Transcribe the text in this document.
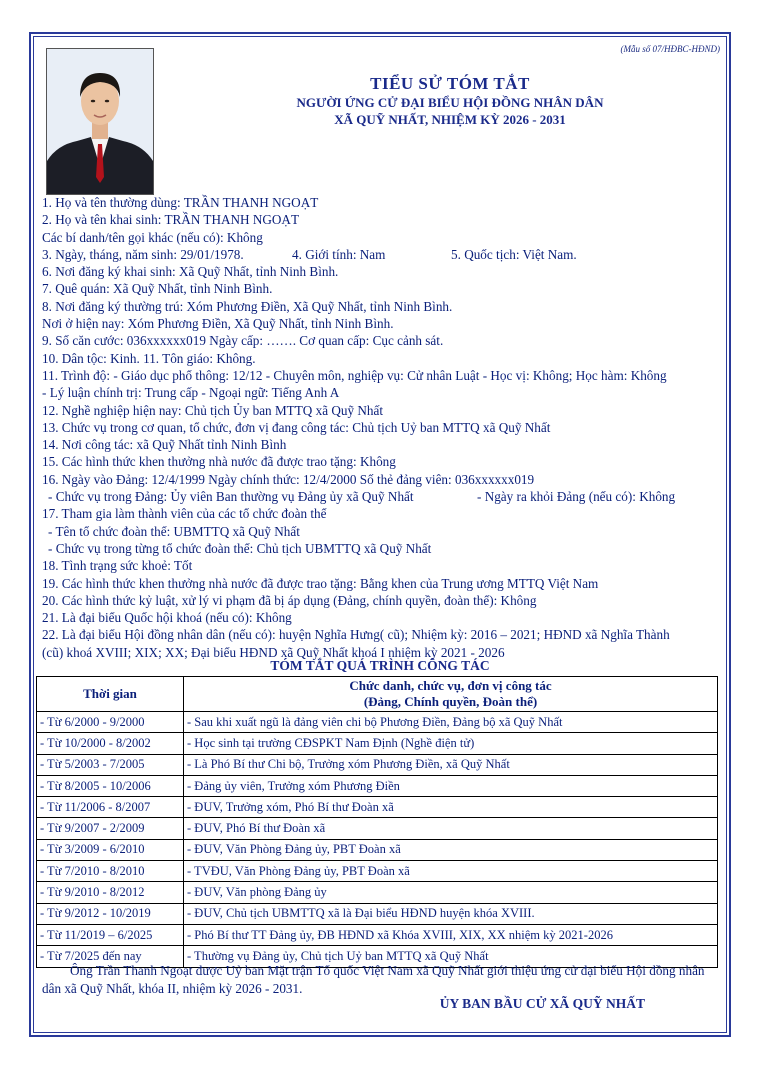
(Mẫu số 07/HĐBC-HĐND)
TIỂU SỬ TÓM TẮT
NGƯỜI ỨNG CỬ ĐẠI BIỂU HỘI ĐỒNG NHÂN DÂN
XÃ QUỸ NHẤT, NHIỆM KỲ 2026 - 2031
1. Họ và tên thường dùng: TRẦN THANH NGOẠT
2. Họ và tên khai sinh: TRẦN THANH NGOẠT
Các bí danh/tên gọi khác (nếu có): Không
3. Ngày, tháng, năm sinh: 29/01/1978.	4. Giới tính: Nam	5. Quốc tịch: Việt Nam.
6. Nơi đăng ký khai sinh: Xã Quỹ Nhất, tỉnh Ninh Bình.
7. Quê quán: Xã Quỹ Nhất, tỉnh Ninh Bình.
8. Nơi đăng ký thường trú: Xóm Phương Điền, Xã Quỹ Nhất, tỉnh Ninh Bình.
Nơi ở hiện nay: Xóm Phương Điền, Xã Quỹ Nhất, tỉnh Ninh Bình.
9. Số căn cước: 036xxxxxx019 Ngày cấp: ……. Cơ quan cấp: Cục cảnh sát.
10. Dân tộc: Kinh. 11. Tôn giáo: Không.
11. Trình độ: - Giáo dục phổ thông: 12/12 - Chuyên môn, nghiệp vụ: Cử nhân Luật - Học vị: Không; Học hàm: Không
- Lý luận chính trị: Trung cấp - Ngoại ngữ: Tiếng Anh A
12. Nghề nghiệp hiện nay: Chủ tịch Ủy ban MTTQ xã Quỹ Nhất
13. Chức vụ trong cơ quan, tổ chức, đơn vị đang công tác: Chủ tịch Uỷ ban MTTQ xã Quỹ Nhất
14. Nơi công tác: xã Quỹ Nhất tỉnh Ninh Bình
15. Các hình thức khen thưởng nhà nước đã được trao tặng: Không
16. Ngày vào Đảng: 12/4/1999 Ngày chính thức: 12/4/2000 Số thẻ đảng viên: 036xxxxxx019
- Chức vụ trong Đảng: Ủy viên Ban thường vụ Đảng ủy xã Quỹ Nhất	- Ngày ra khỏi Đảng (nếu có): Không
17. Tham gia làm thành viên của các tổ chức đoàn thể
- Tên tổ chức đoàn thể: UBMTTQ xã Quỹ Nhất
- Chức vụ trong từng tổ chức đoàn thể: Chủ tịch UBMTTQ xã Quỹ Nhất
18. Tình trạng sức khoẻ: Tốt
19. Các hình thức khen thưởng nhà nước đã được trao tặng: Bằng khen của Trung ương MTTQ Việt Nam
20. Các hình thức kỷ luật, xử lý vi phạm đã bị áp dụng (Đảng, chính quyền, đoàn thể): Không
21. Là đại biểu Quốc hội khoá (nếu có): Không
22. Là đại biểu Hội đồng nhân dân (nếu có): huyện Nghĩa Hưng( cũ); Nhiệm kỳ: 2016 – 2021; HĐND xã Nghĩa Thành
(cũ) khoá XVIII; XIX; XX; Đại biểu HĐND xã Quỹ Nhất khoá I nhiệm kỳ 2021 - 2026
TÓM TẮT QUÁ TRÌNH CÔNG TÁC
Thời gian	Chức danh, chức vụ, đơn vị công tác
(Đảng, Chính quyền, Đoàn thể)

- Từ 6/2000 - 9/2000	- Sau khi xuất ngũ là đảng viên chi bộ Phương Điền, Đảng bộ xã Quỹ Nhất
- Từ 10/2000 - 8/2002	- Học sinh tại trường CĐSPKT Nam Định (Nghề điện tử)
- Từ 5/2003 - 7/2005	- Là Phó Bí thư Chi bộ, Trưởng xóm Phương Điền, xã Quỹ Nhất
- Từ 8/2005 - 10/2006	- Đảng ủy viên, Trưởng xóm Phương Điền
- Từ 11/2006 - 8/2007	- ĐUV, Trưởng xóm, Phó Bí thư Đoàn xã
- Từ 9/2007 - 2/2009	- ĐUV, Phó Bí thư Đoàn xã
- Từ 3/2009 - 6/2010	- ĐUV, Văn Phòng Đảng ủy, PBT Đoàn xã
- Từ 7/2010 - 8/2010	- TVĐU, Văn Phòng Đảng ủy, PBT Đoàn xã
- Từ 9/2010 - 8/2012	- ĐUV, Văn phòng Đảng ủy
- Từ 9/2012 - 10/2019	- ĐUV, Chủ tịch UBMTTQ xã là Đại biểu HĐND huyện khóa XVIII.
- Từ 11/2019 – 6/2025	- Phó Bí thư TT Đảng ủy, ĐB HĐND xã Khóa XVIII, XIX, XX nhiệm kỳ 2021-2026
- Từ 7/2025 đến nay	- Thường vụ Đảng ủy, Chủ tịch Uỷ ban MTTQ xã Quỹ Nhất
Ông Trần Thanh Ngoạt được Uỷ ban Mặt trận Tổ quốc Việt Nam xã Quỹ Nhất giới thiệu ứng cử đại biểu Hội đồng nhân dân xã Quỹ Nhất, khóa II, nhiệm kỳ 2026 - 2031.
ỦY BAN BẦU CỬ XÃ QUỸ NHẤT
